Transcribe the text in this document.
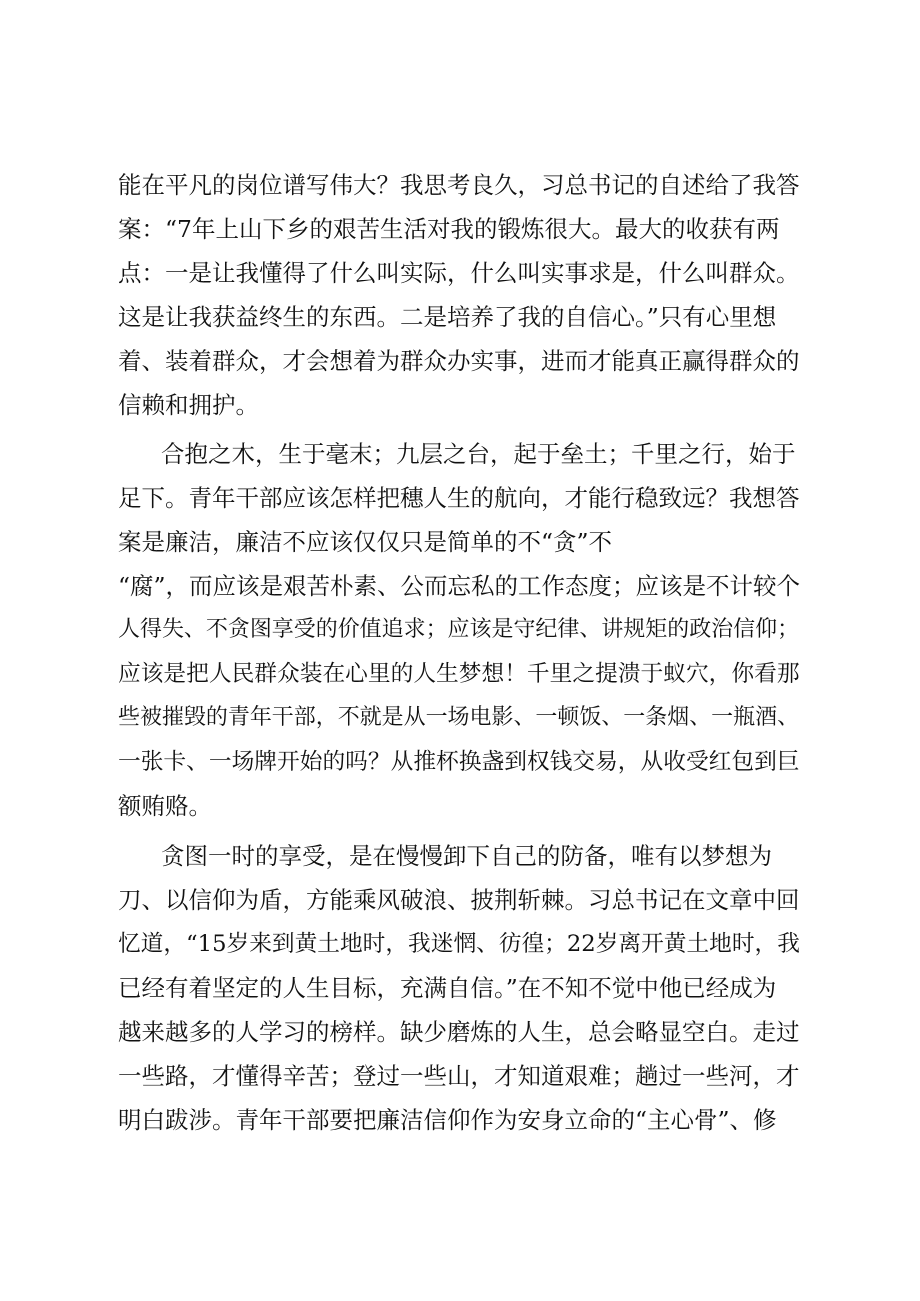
能在平凡的岗位谱写伟大？我思考良久，习总书记的自述给了我答
案：“7年上山下乡的艰苦生活对我的锻炼很大。最大的收获有两
点：一是让我懂得了什么叫实际，什么叫实事求是，什么叫群众。
这是让我获益终生的东西。二是培养了我的自信心。”只有心里想
着、装着群众，才会想着为群众办实事，进而才能真正赢得群众的
信赖和拥护。
合抱之木，生于毫末；九层之台，起于垒土；千里之行，始于
足下。青年干部应该怎样把穗人生的航向，才能行稳致远？我想答
案是廉洁，廉洁不应该仅仅只是简单的不“贪”不
“腐”，而应该是艰苦朴素、公而忘私的工作态度；应该是不计较个
人得失、不贪图享受的价值追求；应该是守纪律、讲规矩的政治信仰；
应该是把人民群众装在心里的人生梦想！千里之提溃于蚁穴，你看那
些被摧毁的青年干部，不就是从一场电影、一顿饭、一条烟、一瓶酒、
一张卡、一场牌开始的吗？从推杯换盏到权钱交易，从收受红包到巨
额贿赂。
贪图一时的享受，是在慢慢卸下自己的防备，唯有以梦想为
刀、以信仰为盾，方能乘风破浪、披荆斩棘。习总书记在文章中回
忆道，“15岁来到黄土地时，我迷惘、彷徨；22岁离开黄土地时，我
已经有着坚定的人生目标，充满自信。”在不知不觉中他已经成为
越来越多的人学习的榜样。缺少磨炼的人生，总会略显空白。走过
一些路，才懂得辛苦；登过一些山，才知道艰难；趟过一些河，才
明白跋涉。青年干部要把廉洁信仰作为安身立命的“主心骨”、修
